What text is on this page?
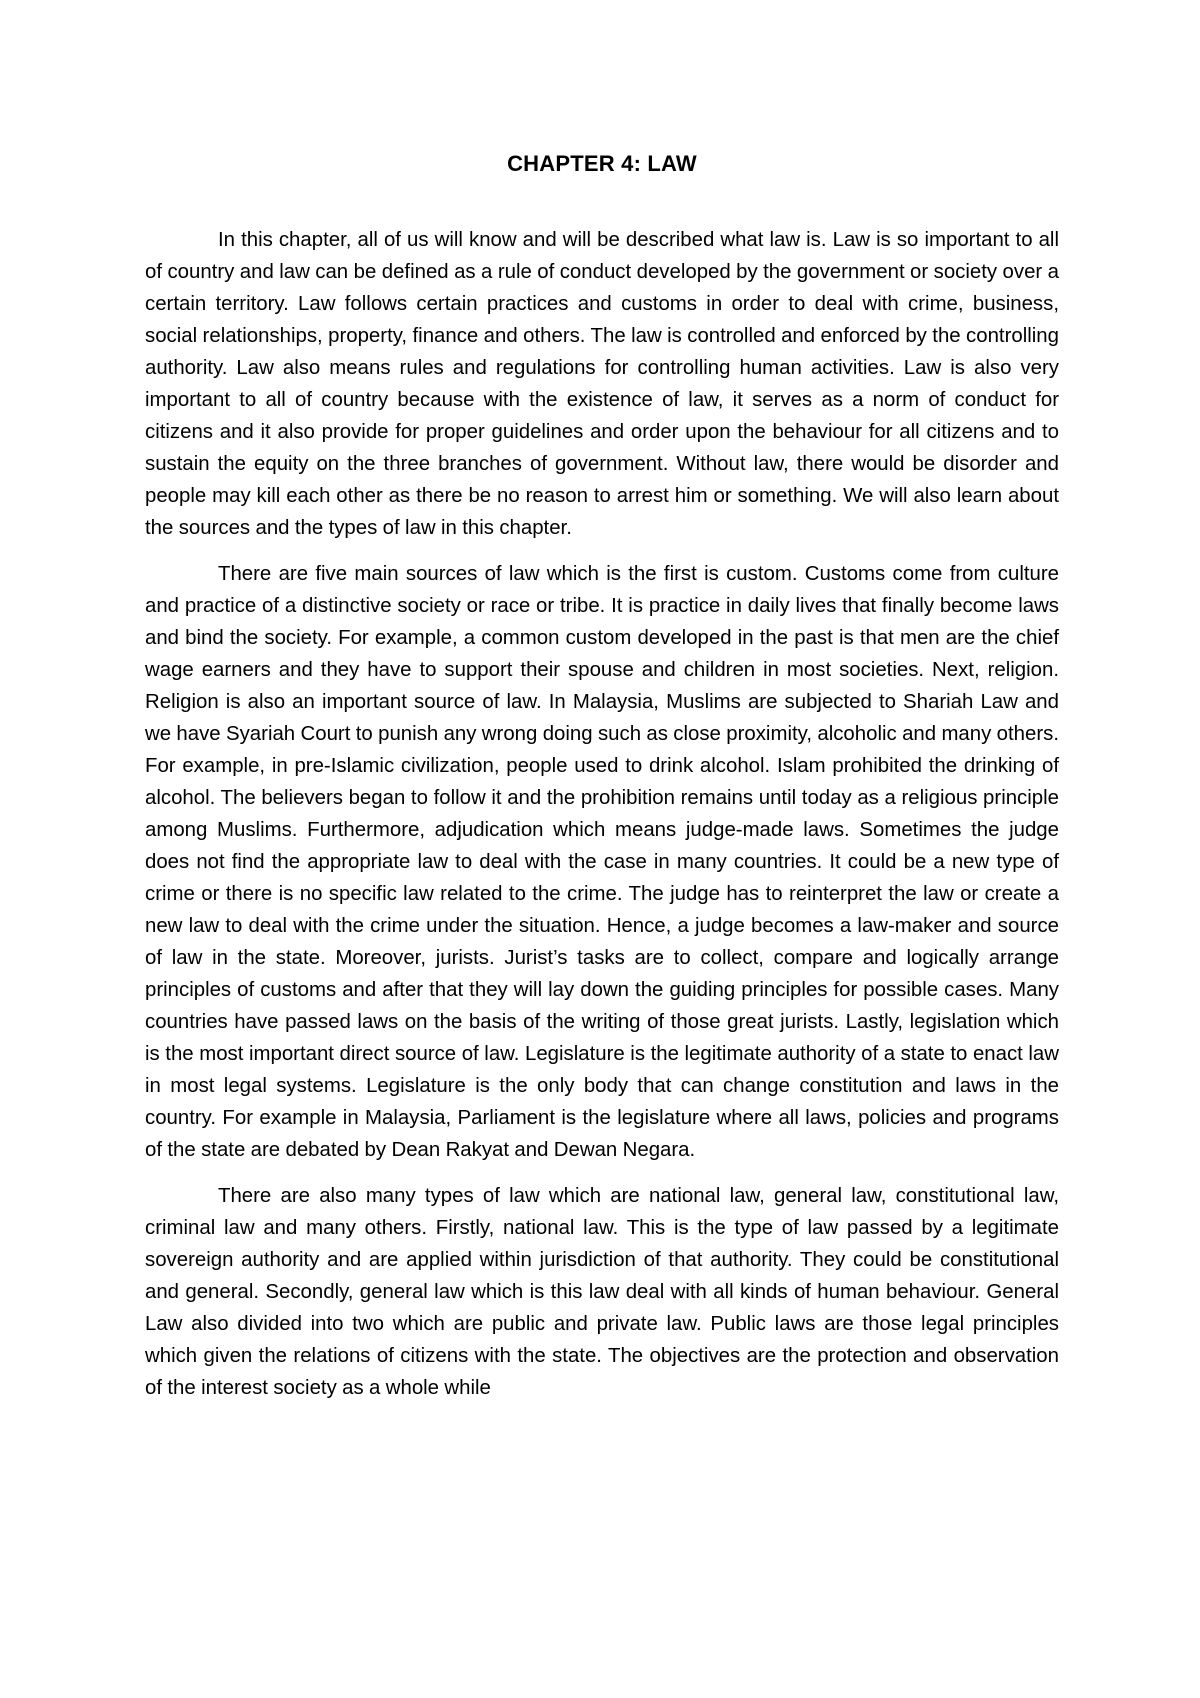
CHAPTER 4: LAW

In this chapter, all of us will know and will be described what law is. Law is so important to all of country and law can be defined as a rule of conduct developed by the government or society over a certain territory. Law follows certain practices and customs in order to deal with crime, business, social relationships, property, finance and others. The law is controlled and enforced by the controlling authority. Law also means rules and regulations for controlling human activities. Law is also very important to all of country because with the existence of law, it serves as a norm of conduct for citizens and it also provide for proper guidelines and order upon the behaviour for all citizens and to sustain the equity on the three branches of government. Without law, there would be disorder and people may kill each other as there be no reason to arrest him or something. We will also learn about the sources and the types of law in this chapter.

There are five main sources of law which is the first is custom. Customs come from culture and practice of a distinctive society or race or tribe. It is practice in daily lives that finally become laws and bind the society. For example, a common custom developed in the past is that men are the chief wage earners and they have to support their spouse and children in most societies. Next, religion. Religion is also an important source of law. In Malaysia, Muslims are subjected to Shariah Law and we have Syariah Court to punish any wrong doing such as close proximity, alcoholic and many others. For example, in pre-Islamic civilization, people used to drink alcohol. Islam prohibited the drinking of alcohol. The believers began to follow it and the prohibition remains until today as a religious principle among Muslims. Furthermore, adjudication which means judge-made laws. Sometimes the judge does not find the appropriate law to deal with the case in many countries. It could be a new type of crime or there is no specific law related to the crime. The judge has to reinterpret the law or create a new law to deal with the crime under the situation. Hence, a judge becomes a law-maker and source of law in the state. Moreover, jurists. Jurist’s tasks are to collect, compare and logically arrange principles of customs and after that they will lay down the guiding principles for possible cases. Many countries have passed laws on the basis of the writing of those great jurists. Lastly, legislation which is the most important direct source of law. Legislature is the legitimate authority of a state to enact law in most legal systems. Legislature is the only body that can change constitution and laws in the country. For example in Malaysia, Parliament is the legislature where all laws, policies and programs of the state are debated by Dean Rakyat and Dewan Negara.

There are also many types of law which are national law, general law, constitutional law, criminal law and many others. Firstly, national law. This is the type of law passed by a legitimate sovereign authority and are applied within jurisdiction of that authority. They could be constitutional and general. Secondly, general law which is this law deal with all kinds of human behaviour. General Law also divided into two which are public and private law. Public laws are those legal principles which given the relations of citizens with the state. The objectives are the protection and observation of the interest society as a whole while
